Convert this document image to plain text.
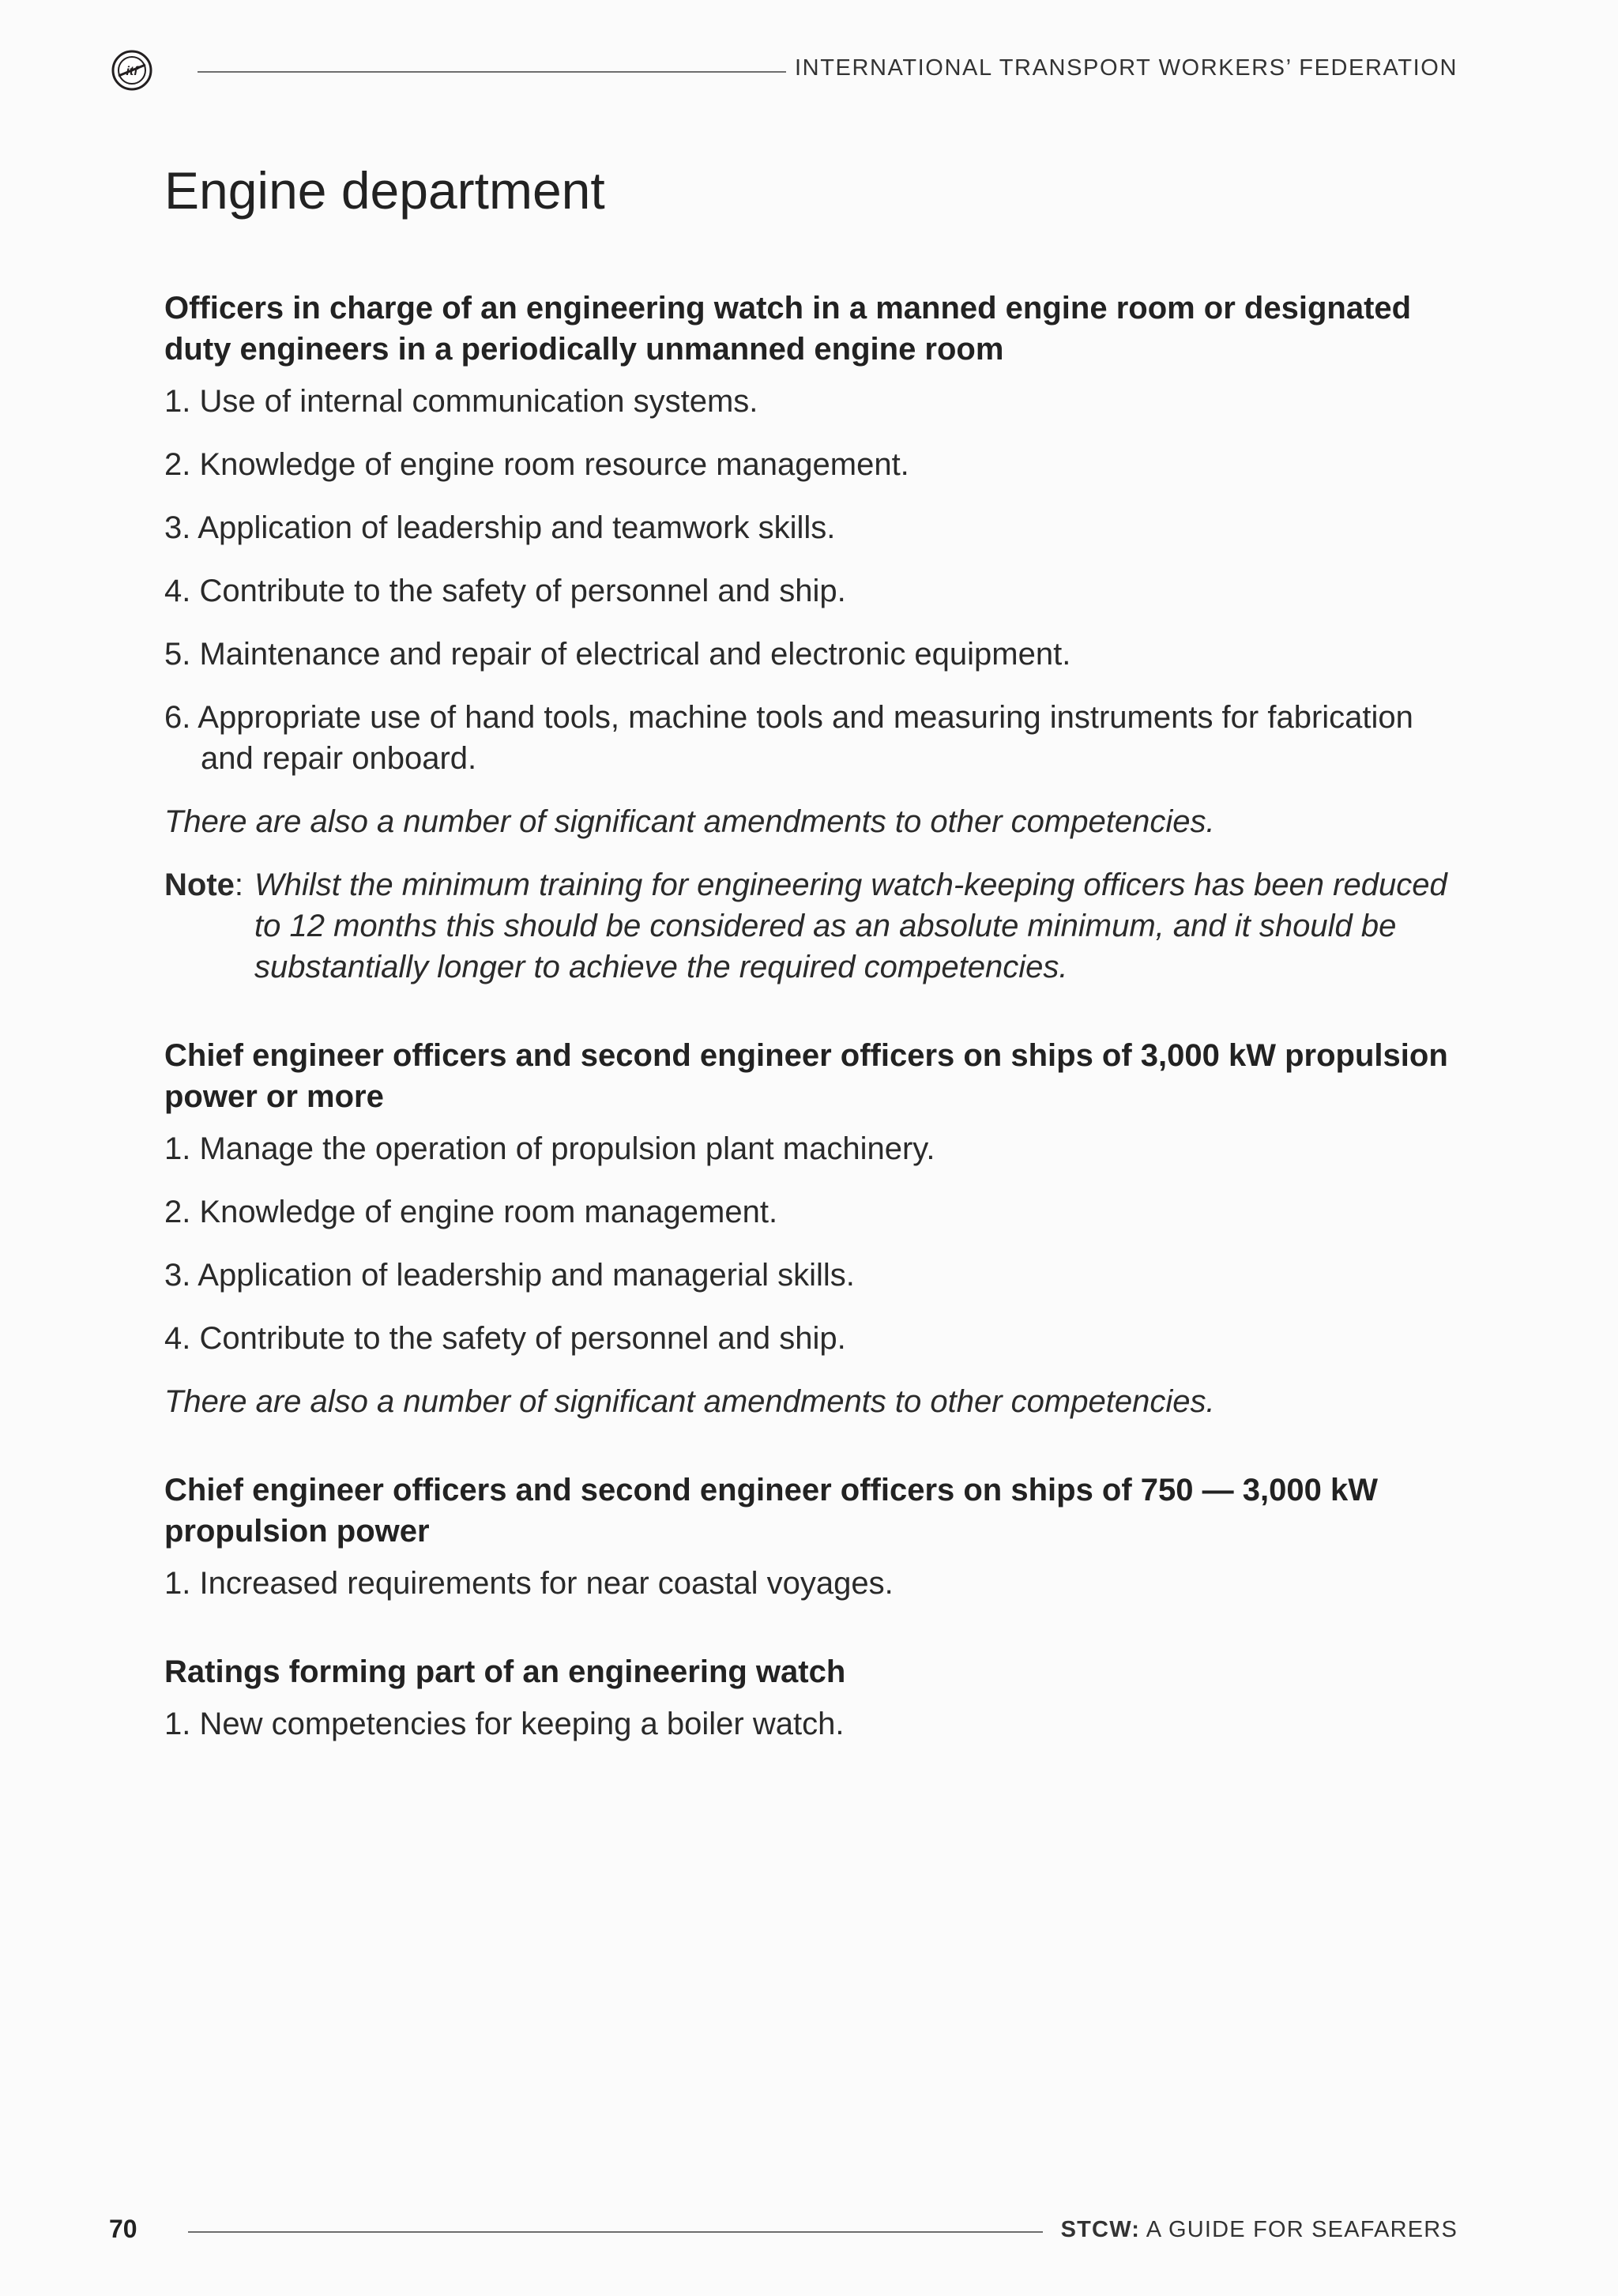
itf	INTERNATIONAL TRANSPORT WORKERS’ FEDERATION
Engine department
Officers in charge of an engineering watch in a manned engine room or designated duty engineers in a periodically unmanned engine room
1. Use of internal communication systems.
2. Knowledge of engine room resource management.
3. Application of leadership and teamwork skills.
4. Contribute to the safety of personnel and ship.
5. Maintenance and repair of electrical and electronic equipment.
6. Appropriate use of hand tools, machine tools and measuring instruments for fabrication and repair onboard.

There are also a number of significant amendments to other competencies.

Note : Whilst the minimum training for engineering watch-keeping officers has been reduced to 12 months this should be considered as an absolute minimum, and it should be substantially longer to achieve the required competencies.
Chief engineer officers and second engineer officers on ships of 3,000 kW propulsion power or more
1. Manage the operation of propulsion plant machinery.
2. Knowledge of engine room management.
3. Application of leadership and managerial skills.
4. Contribute to the safety of personnel and ship.

There are also a number of significant amendments to other competencies.

Chief engineer officers and second engineer officers on ships of 750 — 3,000 kW propulsion power
1. Increased requirements for near coastal voyages.
Ratings forming part of an engineering watch
1. New competencies for keeping a boiler watch.
70	STCW: A GUIDE FOR SEAFARERS
